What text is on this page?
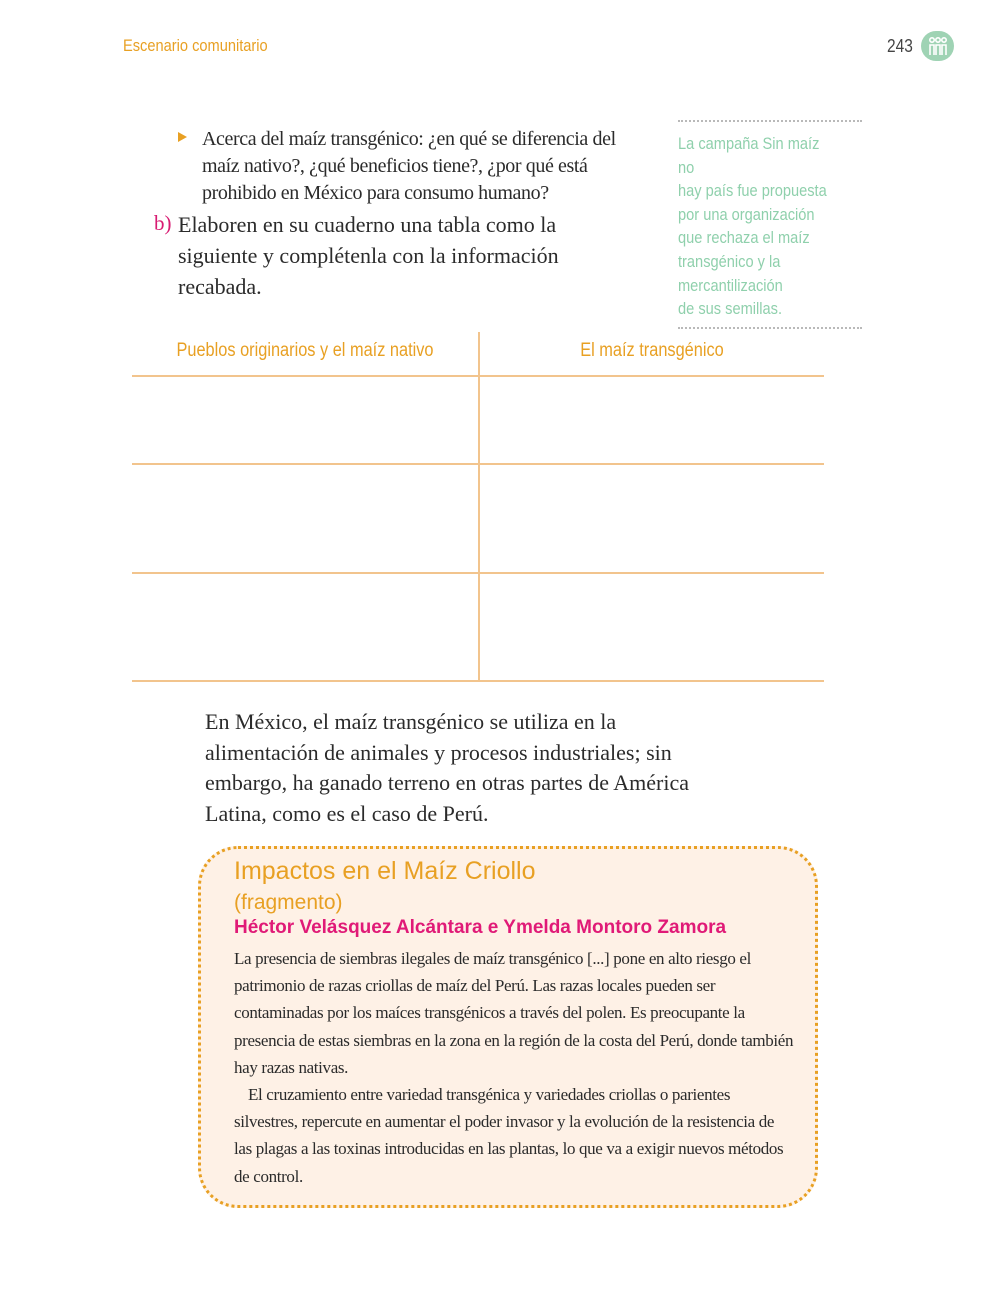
Escenario comunitario	243
Acerca del maíz transgénico: ¿en qué se diferencia del maíz nativo?, ¿qué beneficios tiene?, ¿por qué está prohibido en México para consumo humano?
b) Elaboren en su cuaderno una tabla como la siguiente y complétenla con la información recabada.
La campaña Sin maíz no
hay país fue propuesta
por una organización
que rechaza el maíz
transgénico y la
mercantilización
de sus semillas.
Pueblos originarios y el maíz nativo	El maíz transgénico
En México, el maíz transgénico se utiliza en la alimentación de animales y procesos industriales; sin embargo, ha ganado terreno en otras partes de América Latina, como es el caso de Perú.
Impactos en el Maíz Criollo
(fragmento)
Héctor Velásquez Alcántara e Ymelda Montoro Zamora

La presencia de siembras ilegales de maíz transgénico [...] pone en alto riesgo el patrimonio de razas criollas de maíz del Perú. Las razas locales pueden ser contaminadas por los maíces transgénicos a través del polen. Es preocupante la presencia de estas siembras en la zona en la región de la costa del Perú, donde también hay razas nativas.

El cruzamiento entre variedad transgénica y variedades criollas o parientes silvestres, repercute en aumentar el poder invasor y la evolución de la resistencia de las plagas a las toxinas introducidas en las plantas, lo que va a exigir nuevos métodos de control.
